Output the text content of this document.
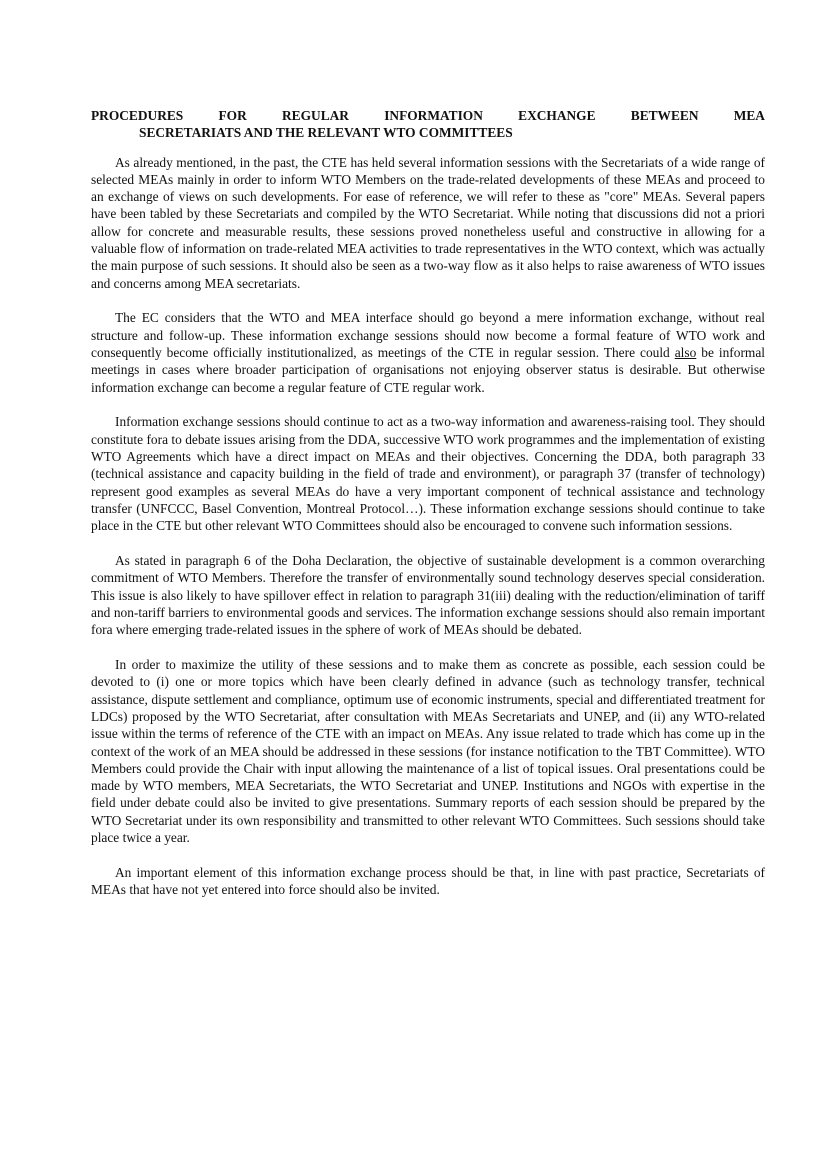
PROCEDURES	FOR	REGULAR	INFORMATION	EXCHANGE	BETWEEN	MEA
SECRETARIATS AND THE RELEVANT WTO COMMITTEES

As already mentioned, in the past, the CTE has held several information sessions with the Secretariats of a wide range of selected MEAs mainly in order to inform WTO Members on the trade-related developments of these MEAs and proceed to an exchange of views on such developments. For ease of reference, we will refer to these as "core" MEAs. Several papers have been tabled by these Secretariats and compiled by the WTO Secretariat. While noting that discussions did not a priori allow for concrete and measurable results, these sessions proved nonetheless useful and constructive in allowing for a valuable flow of information on trade-related MEA activities to trade representatives in the WTO context, which was actually the main purpose of such sessions. It should also be seen as a two-way flow as it also helps to raise awareness of WTO issues and concerns among MEA secretariats.

The EC considers that the WTO and MEA interface should go beyond a mere information exchange, without real structure and follow-up. These information exchange sessions should now become a formal feature of WTO work and consequently become officially institutionalized, as meetings of the CTE in regular session. There could also be informal meetings in cases where broader participation of organisations not enjoying observer status is desirable. But otherwise information exchange can become a regular feature of CTE regular work.

Information exchange sessions should continue to act as a two-way information and awareness-raising tool. They should constitute fora to debate issues arising from the DDA, successive WTO work programmes and the implementation of existing WTO Agreements which have a direct impact on MEAs and their objectives. Concerning the DDA, both paragraph 33 (technical assistance and capacity building in the field of trade and environment), or paragraph 37 (transfer of technology) represent good examples as several MEAs do have a very important component of technical assistance and technology transfer (UNFCCC, Basel Convention, Montreal Protocol…). These information exchange sessions should continue to take place in the CTE but other relevant WTO Committees should also be encouraged to convene such information sessions.

As stated in paragraph 6 of the Doha Declaration, the objective of sustainable development is a common overarching commitment of WTO Members. Therefore the transfer of environmentally sound technology deserves special consideration. This issue is also likely to have spillover effect in relation to paragraph 31(iii) dealing with the reduction/elimination of tariff and non-tariff barriers to environmental goods and services. The information exchange sessions should also remain important fora where emerging trade-related issues in the sphere of work of MEAs should be debated.

In order to maximize the utility of these sessions and to make them as concrete as possible, each session could be devoted to (i) one or more topics which have been clearly defined in advance (such as technology transfer, technical assistance, dispute settlement and compliance, optimum use of economic instruments, special and differentiated treatment for LDCs) proposed by the WTO Secretariat, after consultation with MEAs Secretariats and UNEP, and (ii) any WTO-related issue within the terms of reference of the CTE with an impact on MEAs. Any issue related to trade which has come up in the context of the work of an MEA should be addressed in these sessions (for instance notification to the TBT Committee). WTO Members could provide the Chair with input allowing the maintenance of a list of topical issues. Oral presentations could be made by WTO members, MEA Secretariats, the WTO Secretariat and UNEP. Institutions and NGOs with expertise in the field under debate could also be invited to give presentations. Summary reports of each session should be prepared by the WTO Secretariat under its own responsibility and transmitted to other relevant WTO Committees. Such sessions should take place twice a year.

An important element of this information exchange process should be that, in line with past practice, Secretariats of MEAs that have not yet entered into force should also be invited.
